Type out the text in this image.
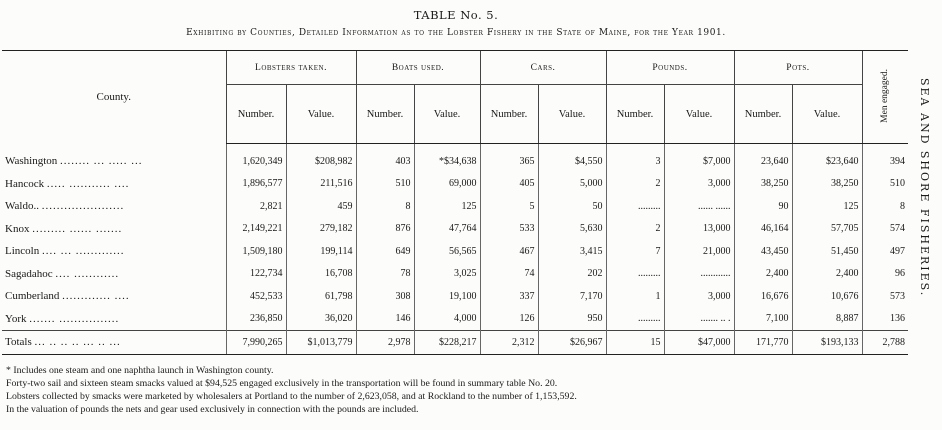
TABLE No. 5.
Exhibiting by Counties, Detailed Information as to the Lobster Fishery in the State of Maine, for the Year 1901.
SEA AND SHORE FISHERIES.
County.	Lobsters taken.		Boats used.		Cars.		Pounds.		Pots.		Men engaged.
	Number.	Value.	Number.	Value.	Number.	Value.	Number.	Value.	Number.	Value.	
Washington ........ ... ..... ...	1,620,349	$208,982	403	*$34,638	365	$4,550	3	$7,000	23,640	$23,640	394
Hancock ..... ........... ....	1,896,577	211,516	510	69,000	405	5,000	2	3,000	38,250	38,250	510
Waldo.. ......................	2,821	459	8	125	5	50	.........	...... ......	90	125	8
Knox ......... ...... .......	2,149,221	279,182	876	47,764	533	5,630	2	13,000	46,164	57,705	574
Lincoln .... ... .............	1,509,180	199,114	649	56,565	467	3,415	7	21,000	43,450	51,450	497
Sagadahoc .... ............	122,734	16,708	78	3,025	74	202	.........	............	2,400	2,400	96
Cumberland ............. ....	452,533	61,798	308	19,100	337	7,170	1	3,000	16,676	10,676	573
York ....... ................	236,850	36,020	146	4,000	126	950	.........	....... .. .	7,100	8,887	136
Totals ... .. .. .. ... .. ...	7,990,265	$1,013,779	2,978	$228,217	2,312	$26,967	15	$47,000	171,770	$193,133	2,788

* Includes one steam and one naphtha launch in Washington county.

Forty-two sail and sixteen steam smacks valued at $94,525 engaged exclusively in the transportation will be found in summary table No. 20.

Lobsters collected by smacks were marketed by wholesalers at Portland to the number of 2,623,058, and at Rockland to the number of 1,153,592.

In the valuation of pounds the nets and gear used exclusively in connection with the pounds are included.
